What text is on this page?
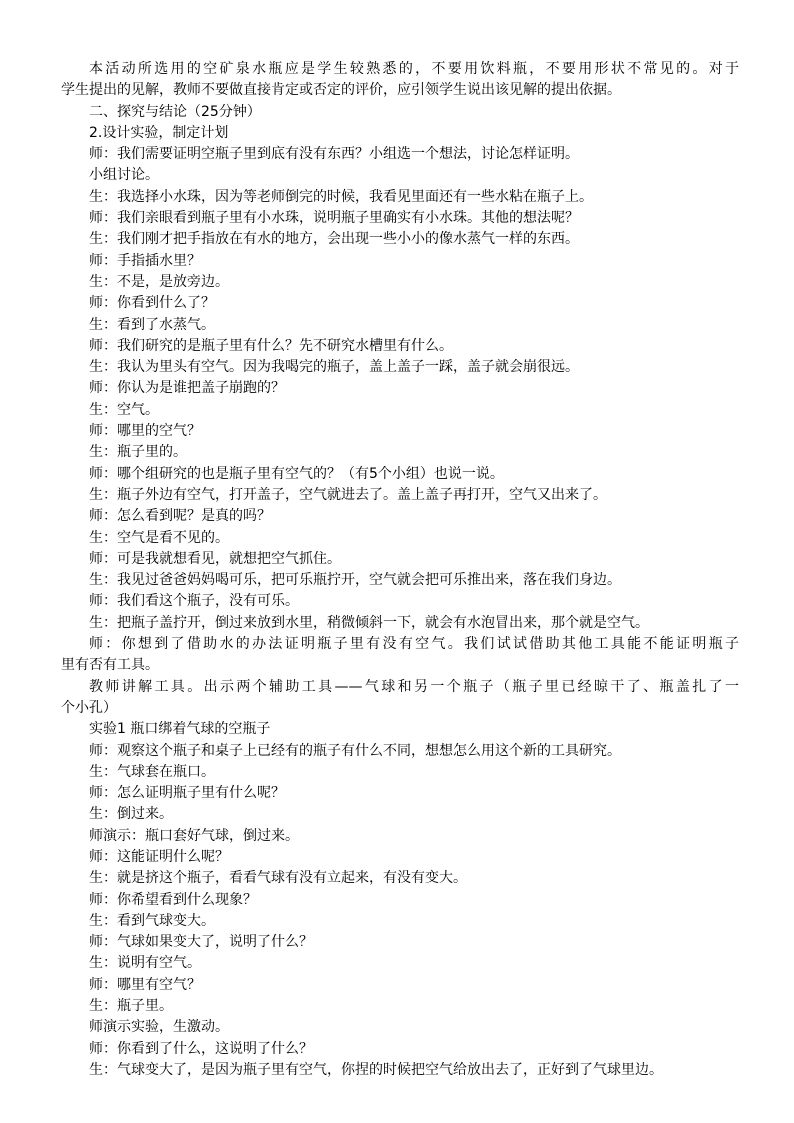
本活动所选用的空矿泉水瓶应是学生较熟悉的，不要用饮料瓶，不要用形状不常见的。对于
学生提出的见解，教师不要做直接肯定或否定的评价，应引领学生说出该见解的提出依据。
二、探究与结论（25分钟）
2.设计实验，制定计划
师：我们需要证明空瓶子里到底有没有东西？小组选一个想法，讨论怎样证明。
小组讨论。
生：我选择小水珠，因为等老师倒完的时候，我看见里面还有一些水粘在瓶子上。
师：我们亲眼看到瓶子里有小水珠，说明瓶子里确实有小水珠。其他的想法呢？
生：我们刚才把手指放在有水的地方，会出现一些小小的像水蒸气一样的东西。
师：手指插水里？
生：不是，是放旁边。
师：你看到什么了？
生：看到了水蒸气。
师：我们研究的是瓶子里有什么？先不研究水槽里有什么。
生：我认为里头有空气。因为我喝完的瓶子，盖上盖子一踩，盖子就会崩很远。
师：你认为是谁把盖子崩跑的？
生：空气。
师：哪里的空气？
生：瓶子里的。
师：哪个组研究的也是瓶子里有空气的？（有5个小组）也说一说。
生：瓶子外边有空气，打开盖子，空气就进去了。盖上盖子再打开，空气又出来了。
师：怎么看到呢？是真的吗？
生：空气是看不见的。
师：可是我就想看见，就想把空气抓住。
生：我见过爸爸妈妈喝可乐，把可乐瓶拧开，空气就会把可乐推出来，落在我们身边。
师：我们看这个瓶子，没有可乐。
生：把瓶子盖拧开，倒过来放到水里，稍微倾斜一下，就会有水泡冒出来，那个就是空气。
师：你想到了借助水的办法证明瓶子里有没有空气。我们试试借助其他工具能不能证明瓶子
里有否有工具。
教师讲解工具。出示两个辅助工具——气球和另一个瓶子（瓶子里已经晾干了、瓶盖扎了一
个小孔）
实验1 瓶口绑着气球的空瓶子
师：观察这个瓶子和桌子上已经有的瓶子有什么不同，想想怎么用这个新的工具研究。
生：气球套在瓶口。
师：怎么证明瓶子里有什么呢？
生：倒过来。
师演示：瓶口套好气球，倒过来。
师：这能证明什么呢？
生：就是挤这个瓶子，看看气球有没有立起来，有没有变大。
师：你希望看到什么现象？
生：看到气球变大。
师：气球如果变大了，说明了什么？
生：说明有空气。
师：哪里有空气？
生：瓶子里。
师演示实验，生激动。
师：你看到了什么，这说明了什么？
生：气球变大了，是因为瓶子里有空气，你捏的时候把空气给放出去了，正好到了气球里边。
